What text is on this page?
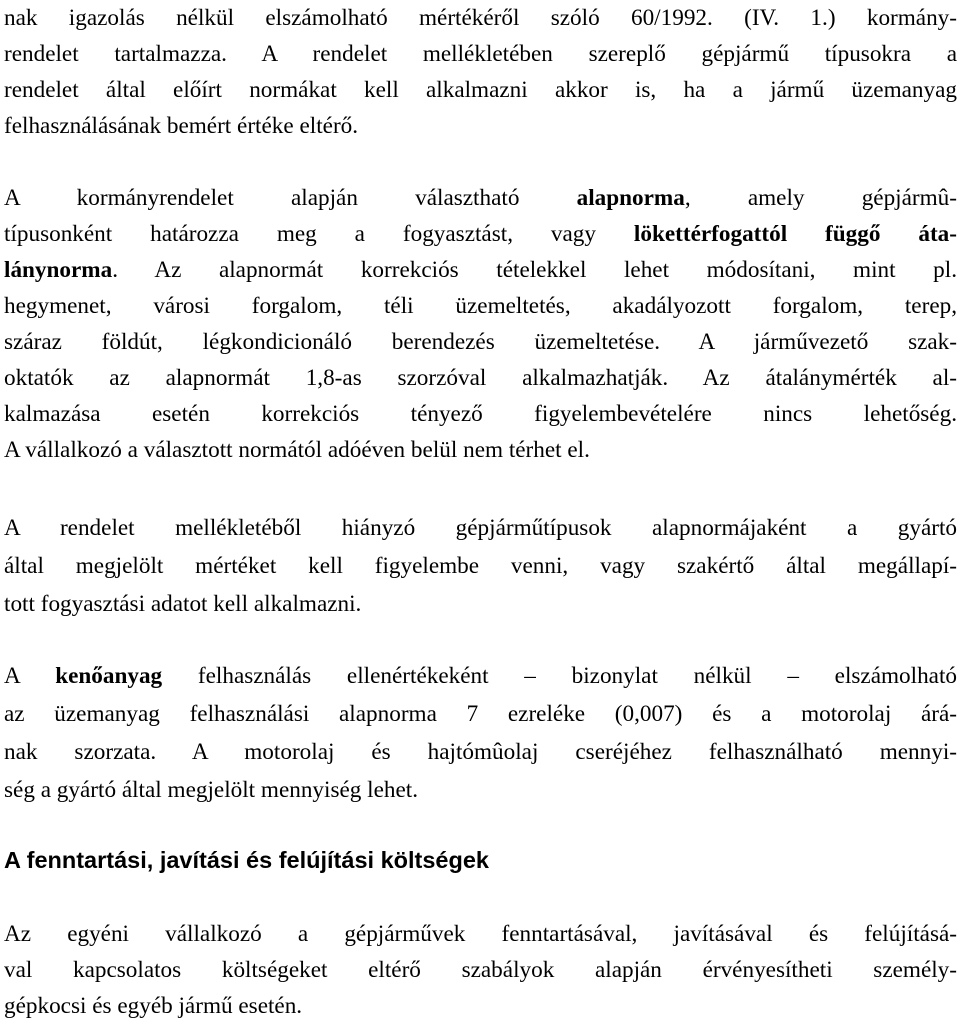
nak igazolás nélkül elszámolható mértékéről szóló 60/1992. (IV. 1.) kormány-
rendelet tartalmazza. A rendelet mellékletében szereplő gépjármű típusokra a
rendelet által előírt normákat kell alkalmazni akkor is, ha a jármű üzemanyag
felhasználásának bemért értéke eltérő.
A kormányrendelet alapján választható alapnorma, amely gépjármû-
típusonként határozza meg a fogyasztást, vagy lökettérfogattól függő áta-
lánynorma. Az alapnormát korrekciós tételekkel lehet módosítani, mint pl.
hegymenet, városi forgalom, téli üzemeltetés, akadályozott forgalom, terep,
száraz földút, légkondicionáló berendezés üzemeltetése. A járművezető szak-
oktatók az alapnormát 1,8-as szorzóval alkalmazhatják. Az átalánymérték al-
kalmazása esetén korrekciós tényező figyelembevételére nincs lehetőség.
A vállalkozó a választott normától adóéven belül nem térhet el.
A rendelet mellékletéből hiányzó gépjárműtípusok alapnormájaként a gyártó
által megjelölt mértéket kell figyelembe venni, vagy szakértő által megállapí-
tott fogyasztási adatot kell alkalmazni.
A kenőanyag felhasználás ellenértékeként – bizonylat nélkül – elszámolható
az üzemanyag felhasználási alapnorma 7 ezreléke (0,007) és a motorolaj árá-
nak szorzata. A motorolaj és hajtómûolaj cseréjéhez felhasználható mennyi-
ség a gyártó által megjelölt mennyiség lehet.
A fenntartási, javítási és felújítási költségek
Az egyéni vállalkozó a gépjárművek fenntartásával, javításával és felújításá-
val kapcsolatos költségeket eltérő szabályok alapján érvényesítheti személy-
gépkocsi és egyéb jármű esetén.
